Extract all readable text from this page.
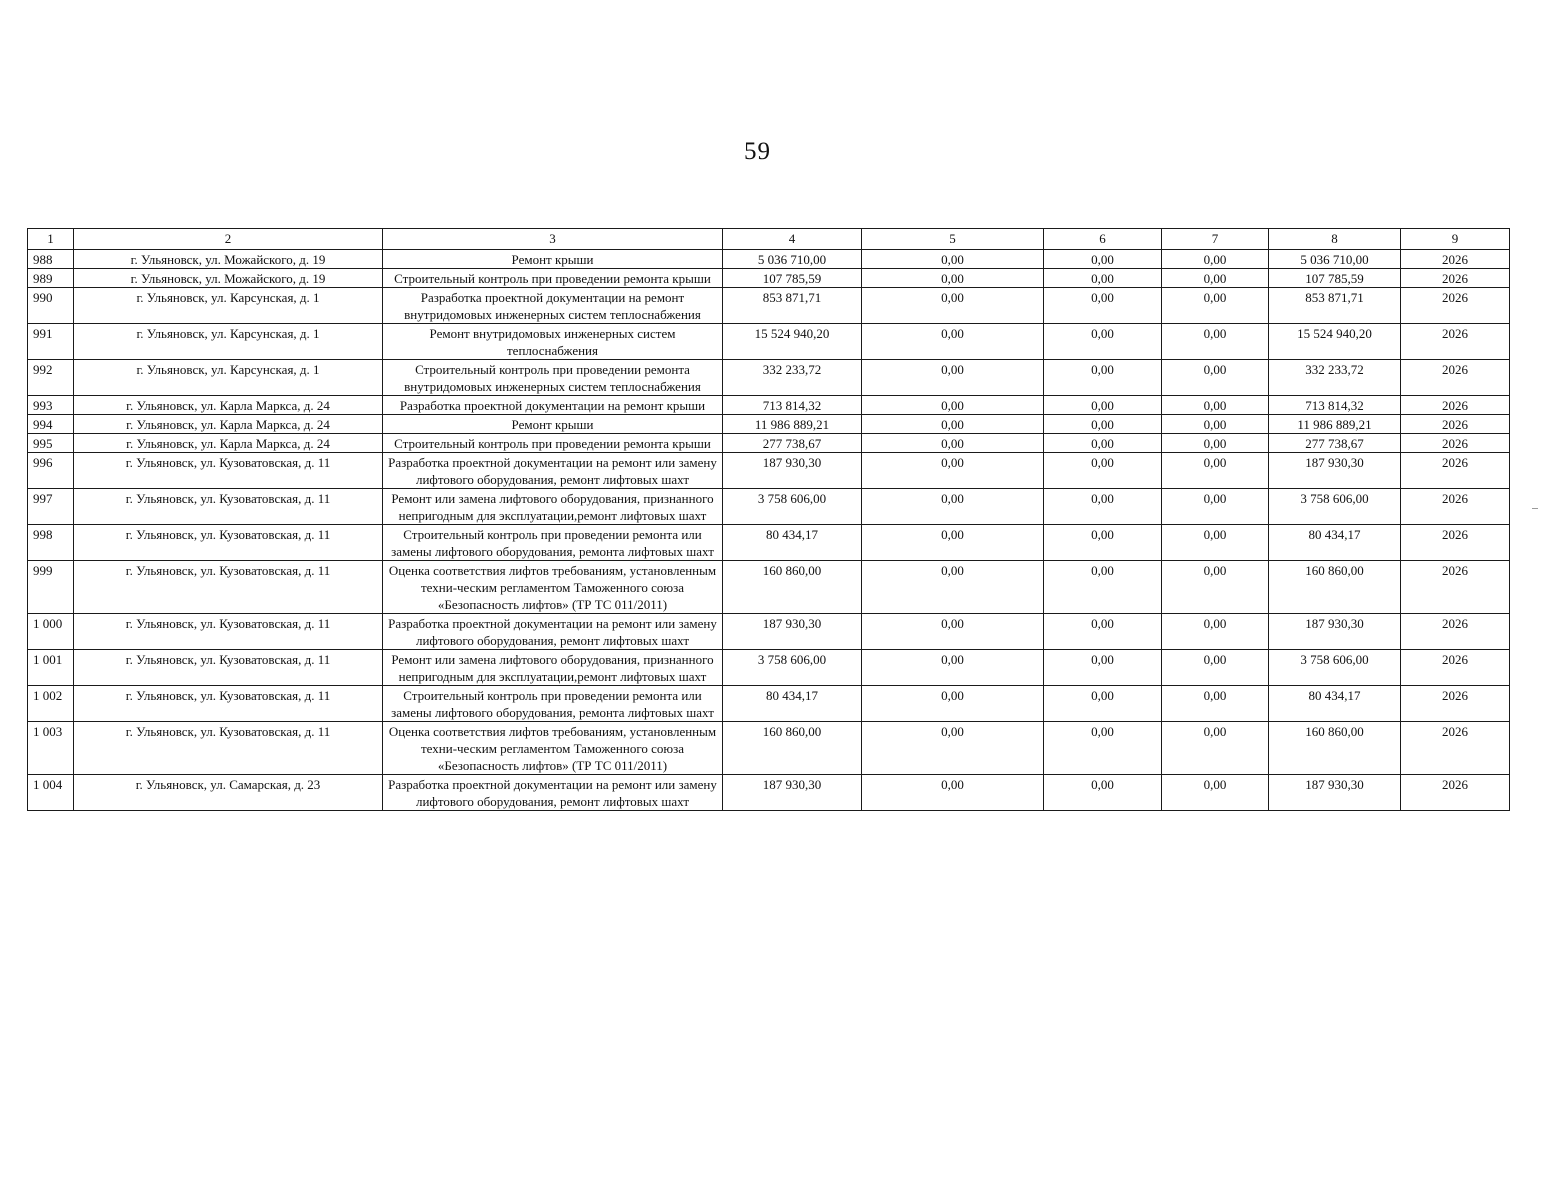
59
1	2	3	4	5	6	7	8	9
988	г. Ульяновск, ул. Можайского, д. 19	Ремонт крыши	5 036 710,00	0,00	0,00	0,00	5 036 710,00	2026
989	г. Ульяновск, ул. Можайского, д. 19	Строительный контроль при проведении ремонта крыши	107 785,59	0,00	0,00	0,00	107 785,59	2026
990	г. Ульяновск, ул. Карсунская, д. 1	Разработка проектной документации на ремонт внутридомовых инженерных систем теплоснабжения	853 871,71	0,00	0,00	0,00	853 871,71	2026
991	г. Ульяновск, ул. Карсунская, д. 1	Ремонт внутридомовых инженерных систем теплоснабжения	15 524 940,20	0,00	0,00	0,00	15 524 940,20	2026
992	г. Ульяновск, ул. Карсунская, д. 1	Строительный контроль при проведении ремонта внутридомовых инженерных систем теплоснабжения	332 233,72	0,00	0,00	0,00	332 233,72	2026
993	г. Ульяновск, ул. Карла Маркса, д. 24	Разработка проектной документации на ремонт крыши	713 814,32	0,00	0,00	0,00	713 814,32	2026
994	г. Ульяновск, ул. Карла Маркса, д. 24	Ремонт крыши	11 986 889,21	0,00	0,00	0,00	11 986 889,21	2026
995	г. Ульяновск, ул. Карла Маркса, д. 24	Строительный контроль при проведении ремонта крыши	277 738,67	0,00	0,00	0,00	277 738,67	2026
996	г. Ульяновск, ул. Кузоватовская, д. 11	Разработка проектной документации на ремонт или замену лифтового оборудования, ремонт лифтовых шахт	187 930,30	0,00	0,00	0,00	187 930,30	2026
997	г. Ульяновск, ул. Кузоватовская, д. 11	Ремонт или замена лифтового оборудования, признанного непригодным для эксплуатации,ремонт лифтовых шахт	3 758 606,00	0,00	0,00	0,00	3 758 606,00	2026
998	г. Ульяновск, ул. Кузоватовская, д. 11	Строительный контроль при проведении ремонта или замены лифтового оборудования, ремонта лифтовых шахт	80 434,17	0,00	0,00	0,00	80 434,17	2026
999	г. Ульяновск, ул. Кузоватовская, д. 11	Оценка соответствия лифтов требованиям, установленным техни-ческим регламентом Таможенного союза «Безопасность лифтов» (ТР ТС 011/2011)	160 860,00	0,00	0,00	0,00	160 860,00	2026
1 000	г. Ульяновск, ул. Кузоватовская, д. 11	Разработка проектной документации на ремонт или замену лифтового оборудования, ремонт лифтовых шахт	187 930,30	0,00	0,00	0,00	187 930,30	2026
1 001	г. Ульяновск, ул. Кузоватовская, д. 11	Ремонт или замена лифтового оборудования, признанного непригодным для эксплуатации,ремонт лифтовых шахт	3 758 606,00	0,00	0,00	0,00	3 758 606,00	2026
1 002	г. Ульяновск, ул. Кузоватовская, д. 11	Строительный контроль при проведении ремонта или замены лифтового оборудования, ремонта лифтовых шахт	80 434,17	0,00	0,00	0,00	80 434,17	2026
1 003	г. Ульяновск, ул. Кузоватовская, д. 11	Оценка соответствия лифтов требованиям, установленным техни-ческим регламентом Таможенного союза «Безопасность лифтов» (ТР ТС 011/2011)	160 860,00	0,00	0,00	0,00	160 860,00	2026
1 004	г. Ульяновск, ул. Самарская, д. 23	Разработка проектной документации на ремонт или замену лифтового оборудования, ремонт лифтовых шахт	187 930,30	0,00	0,00	0,00	187 930,30	2026
